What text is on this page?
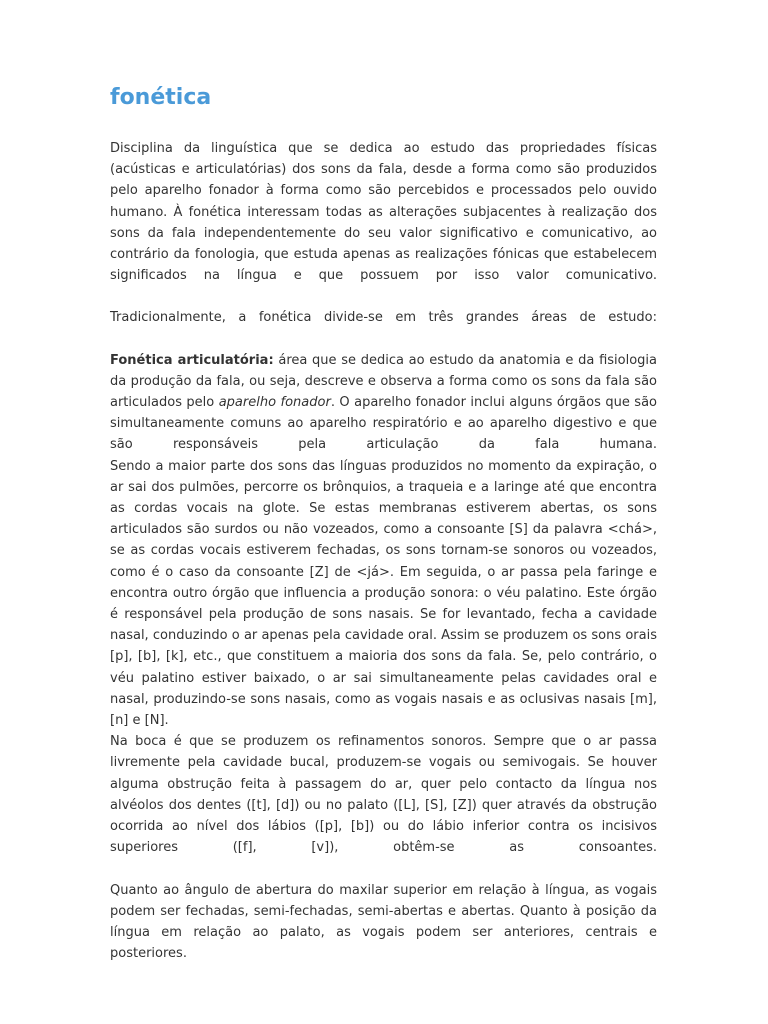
fonética

Disciplina da linguística que se dedica ao estudo das propriedades físicas (acústicas e articulatórias) dos sons da fala, desde a forma como são produzidos pelo aparelho fonador à forma como são percebidos e processados pelo ouvido humano. À fonética interessam todas as alterações subjacentes à realização dos sons da fala independentemente do seu valor significativo e comunicativo, ao contrário da fonologia, que estuda apenas as realizações fónicas que estabelecem significados na língua e que possuem por isso valor comunicativo.

Tradicionalmente, a fonética divide-se em três grandes áreas de estudo:

Fonética articulatória: área que se dedica ao estudo da anatomia e da fisiologia da produção da fala, ou seja, descreve e observa a forma como os sons da fala são articulados pelo aparelho fonador. O aparelho fonador inclui alguns órgãos que são simultaneamente comuns ao aparelho respiratório e ao aparelho digestivo e que são responsáveis pela articulação da fala humana.

Sendo a maior parte dos sons das línguas produzidos no momento da expiração, o ar sai dos pulmões, percorre os brônquios, a traqueia e a laringe até que encontra as cordas vocais na glote. Se estas membranas estiverem abertas, os sons articulados são surdos ou não vozeados, como a consoante [S] da palavra <chá>, se as cordas vocais estiverem fechadas, os sons tornam-se sonoros ou vozeados, como é o caso da consoante [Z] de <já>. Em seguida, o ar passa pela faringe e encontra outro órgão que influencia a produção sonora: o véu palatino. Este órgão é responsável pela produção de sons nasais. Se for levantado, fecha a cavidade nasal, conduzindo o ar apenas pela cavidade oral. Assim se produzem os sons orais [p], [b], [k], etc., que constituem a maioria dos sons da fala. Se, pelo contrário, o véu palatino estiver baixado, o ar sai simultaneamente pelas cavidades oral e nasal, produzindo-se sons nasais, como as vogais nasais e as oclusivas nasais [m], [n] e [N].

Na boca é que se produzem os refinamentos sonoros. Sempre que o ar passa livremente pela cavidade bucal, produzem-se vogais ou semivogais. Se houver alguma obstrução feita à passagem do ar, quer pelo contacto da língua nos alvéolos dos dentes ([t], [d]) ou no palato ([L], [S], [Z]) quer através da obstrução ocorrida ao nível dos lábios ([p], [b]) ou do lábio inferior contra os incisivos superiores ([f], [v]), obtêm-se as consoantes.

Quanto ao ângulo de abertura do maxilar superior em relação à língua, as vogais podem ser fechadas, semi-fechadas, semi-abertas e abertas. Quanto à posição da língua em relação ao palato, as vogais podem ser anteriores, centrais e posteriores.
